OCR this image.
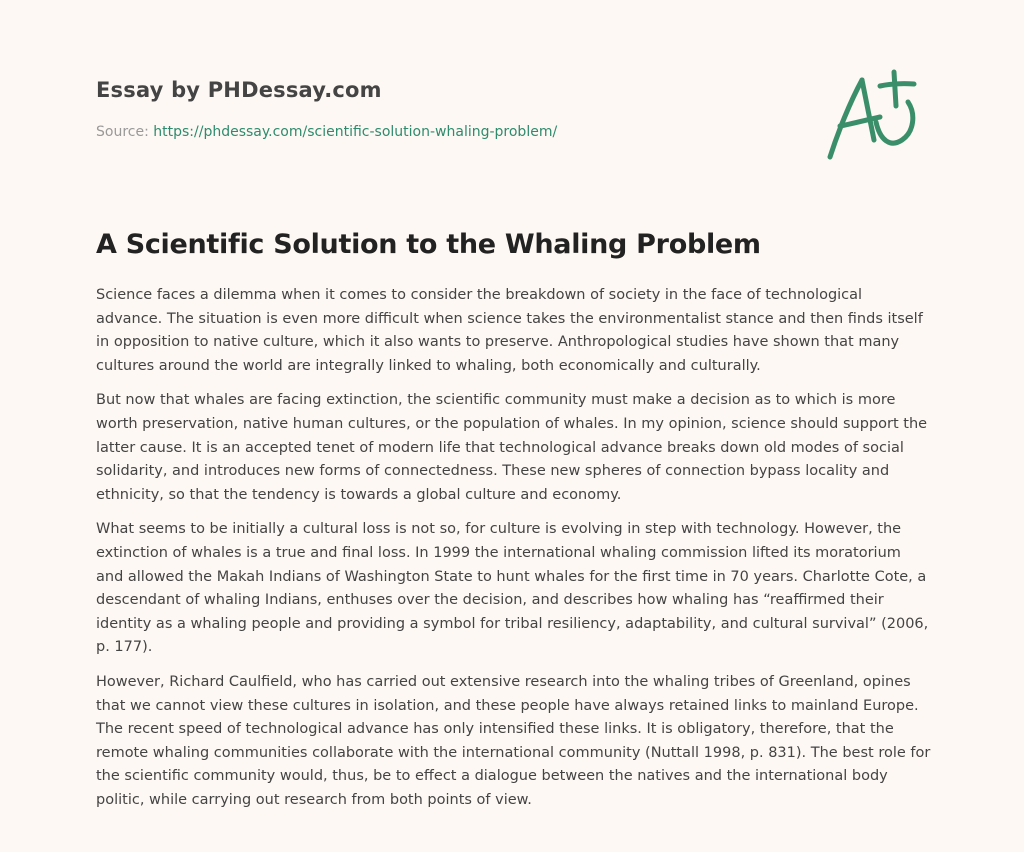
Essay by PHDessay.com
Source: https://phdessay.com/scientific-solution-whaling-problem/
A Scientific Solution to the Whaling Problem

Science faces a dilemma when it comes to consider the breakdown of society in the face of technological advance. The situation is even more difficult when science takes the environmentalist stance and then finds itself in opposition to native culture, which it also wants to preserve. Anthropological studies have shown that many cultures around the world are integrally linked to whaling, both economically and culturally.

But now that whales are facing extinction, the scientific community must make a decision as to which is more worth preservation, native human cultures, or the population of whales. In my opinion, science should support the latter cause. It is an accepted tenet of modern life that technological advance breaks down old modes of social solidarity, and introduces new forms of connectedness. These new spheres of connection bypass locality and ethnicity, so that the tendency is towards a global culture and economy.

What seems to be initially a cultural loss is not so, for culture is evolving in step with technology. However, the extinction of whales is a true and final loss. In 1999 the international whaling commission lifted its moratorium and allowed the Makah Indians of Washington State to hunt whales for the first time in 70 years. Charlotte Cote, a descendant of whaling Indians, enthuses over the decision, and describes how whaling has “reaffirmed their identity as a whaling people and providing a symbol for tribal resiliency, adaptability, and cultural survival” (2006, p. 177).

However, Richard Caulfield, who has carried out extensive research into the whaling tribes of Greenland, opines that we cannot view these cultures in isolation, and these people have always retained links to mainland Europe. The recent speed of technological advance has only intensified these links. It is obligatory, therefore, that the remote whaling communities collaborate with the international community (Nuttall 1998, p. 831). The best role for the scientific community would, thus, be to effect a dialogue between the natives and the international body politic, while carrying out research from both points of view.
